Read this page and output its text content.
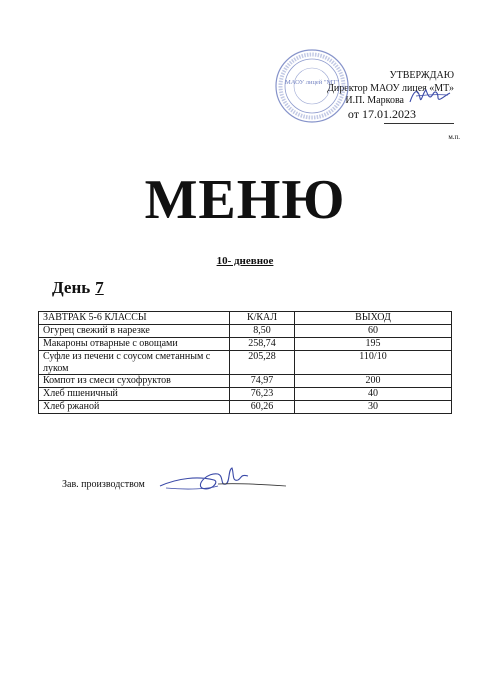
УТВЕРЖДАЮ
Директор МАОУ лицея «МТ»
И.П. Маркова
от 17.01.2023
м.п.
МАОУ лицей "МТ"
МЕНЮ
10- дневное
День 7
ЗАВТРАК 5-6 КЛАССЫ	К/КАЛ	ВЫХОД
Огурец свежий в нарезке	8,50	60
Макароны отварные с овощами	258,74	195
Суфле из печени с соусом сметанным с луком	205,28	110/10
Компот из смеси сухофруктов	74,97	200
Хлеб пшеничный	76,23	40
Хлеб ржаной	60,26	30
Зав. производством
